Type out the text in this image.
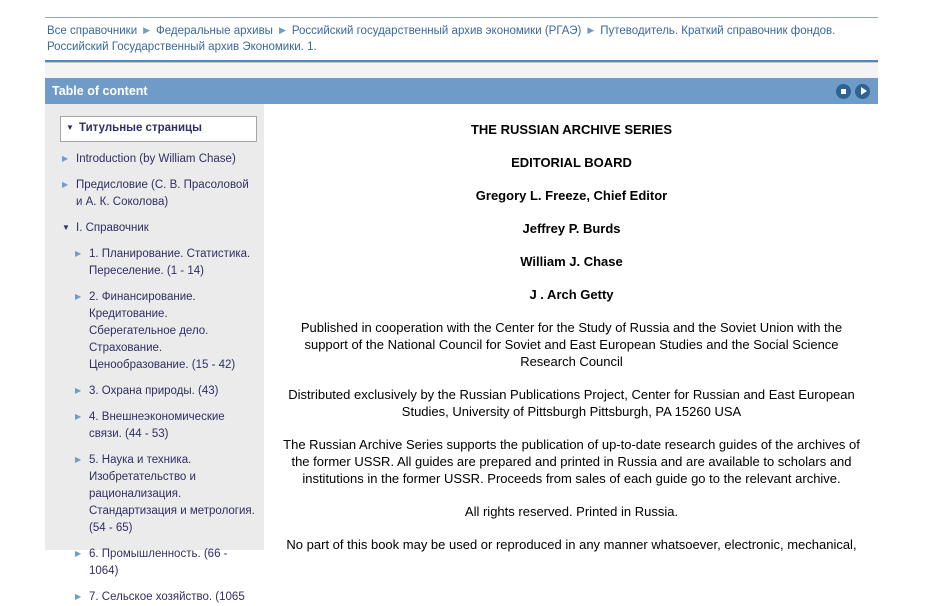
Все справочники ▶ Федеральные архивы ▶ Российский государственный архив экономики (РГАЭ) ▶ Путеводитель. Краткий справочник фондов. Российский Государственный архив Экономики. 1.
Table of content
▼ Титульные страницы
▶ Introduction (by William Chase)
▶ Предисловие (С. В. Прасоловой и А. К. Соколова)
▼ I. Справочник
▶ 1. Планирование. Статистика. Переселение. (1 - 14)
▶ 2. Финансирование. Кредитование. Сберегательное дело. Страхование. Ценообразование. (15 - 42)
▶ 3. Охрана природы. (43)
▶ 4. Внешнеэкономические связи. (44 - 53)
▶ 5. Наука и техника. Изобретательство и рационализация. Стандартизация и метрология. (54 - 65)
▶ 6. Промышленность. (66 - 1064)
▶ 7. Сельское хозяйство. (1065

THE RUSSIAN ARCHIVE SERIES

EDITORIAL BOARD

Gregory L. Freeze, Chief Editor

Jeffrey P. Burds

William J. Chase

J . Arch Getty

Published in cooperation with the Center for the Study of Russia and the Soviet Union with the support of the National Council for Soviet and East European Studies and the Social Science Research Council

Distributed exclusively by the Russian Publications Project, Center for Russian and East European Studies, University of Pittsburgh Pittsburgh, PA 15260 USA

The Russian Archive Series supports the publication of up-to-date research guides of the archives of the former USSR. All guides are prepared and printed in Russia and are available to scholars and institutions in the former USSR. Proceeds from sales of each guide go to the relevant archive.

All rights reserved. Printed in Russia.

No part of this book may be used or reproduced in any manner whatsoever, electronic, mechanical,
